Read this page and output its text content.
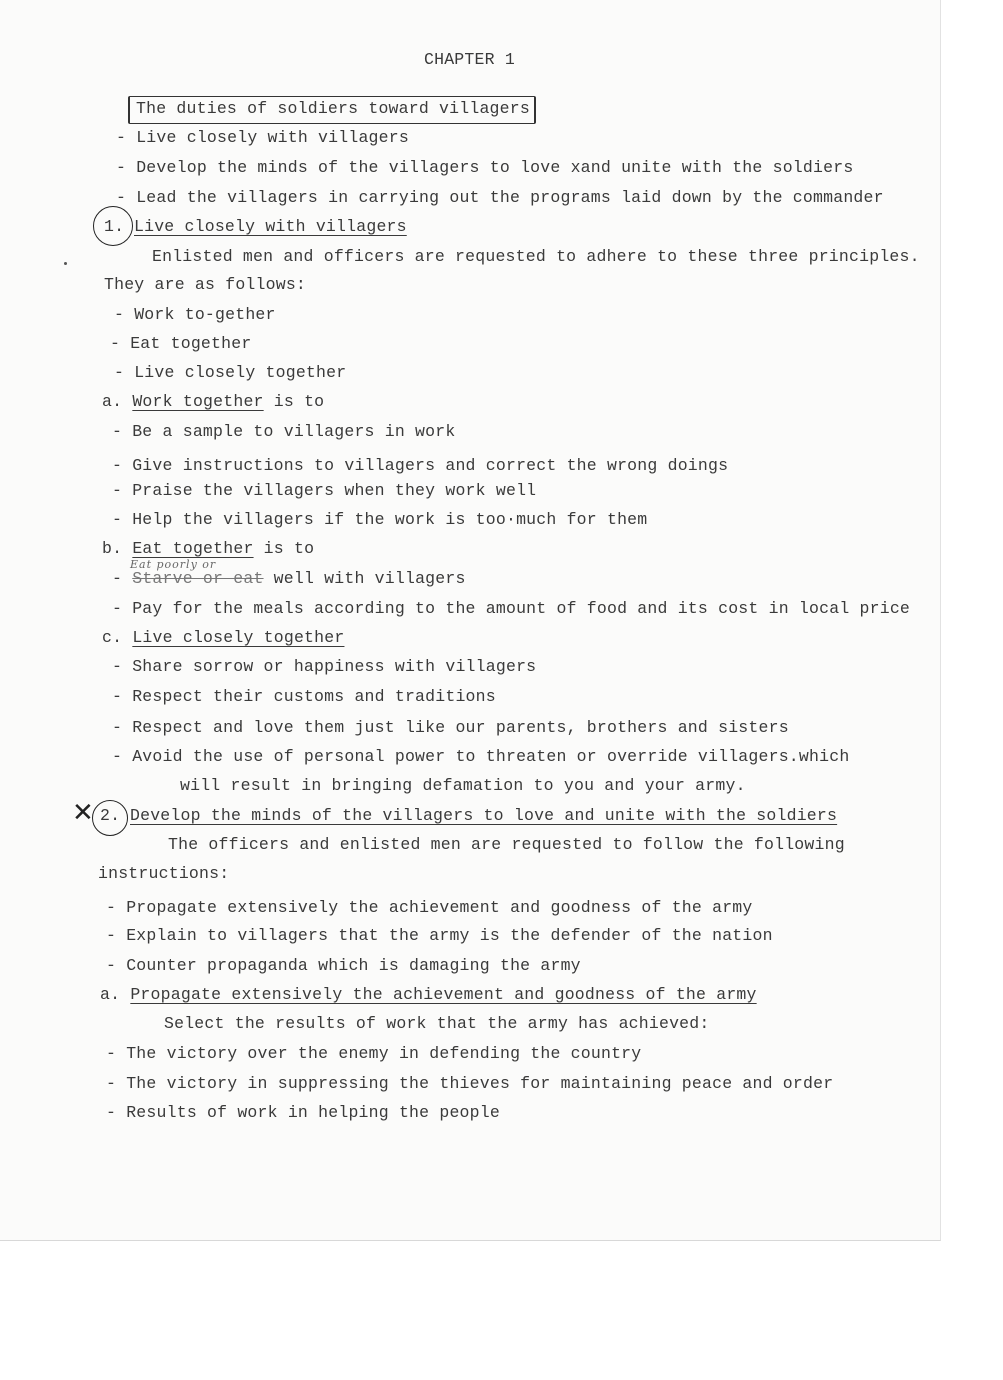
CHAPTER 1
The duties of soldiers toward villagers
- Live closely with villagers
- Develop the minds of the villagers to love xand unite with the soldiers
- Lead the villagers in carrying out the programs laid down by the commander
1. Live closely with villagers
Enlisted men and officers are requested to adhere to these three principles.
They are as follows:
- Work to-gether
- Eat together
- Live closely together
a. Work together is to
- Be a sample to villagers in work
- Give instructions to villagers and correct the wrong doings
- Praise the villagers when they work well
- Help the villagers if the work is too·much for them
b. Eat together is to
Eat poorly or
- Starve or eat well with villagers
- Pay for the meals according to the amount of food and its cost in local price
c. Live closely together
- Share sorrow or happiness with villagers
- Respect their customs and traditions
- Respect and love them just like our parents, brothers and sisters
- Avoid the use of personal power to threaten or override villagers.which
will result in bringing defamation to you and your army.
✕ 2. Develop the minds of the villagers to love and unite with the soldiers
The officers and enlisted men are requested to follow the following
instructions:
- Propagate extensively the achievement and goodness of the army
- Explain to villagers that the army is the defender of the nation
- Counter propaganda which is damaging the army
a. Propagate extensively the achievement and goodness of the army
Select the results of work that the army has achieved:
- The victory over the enemy in defending the country
- The victory in suppressing the thieves for maintaining peace and order
- Results of work in helping the people
